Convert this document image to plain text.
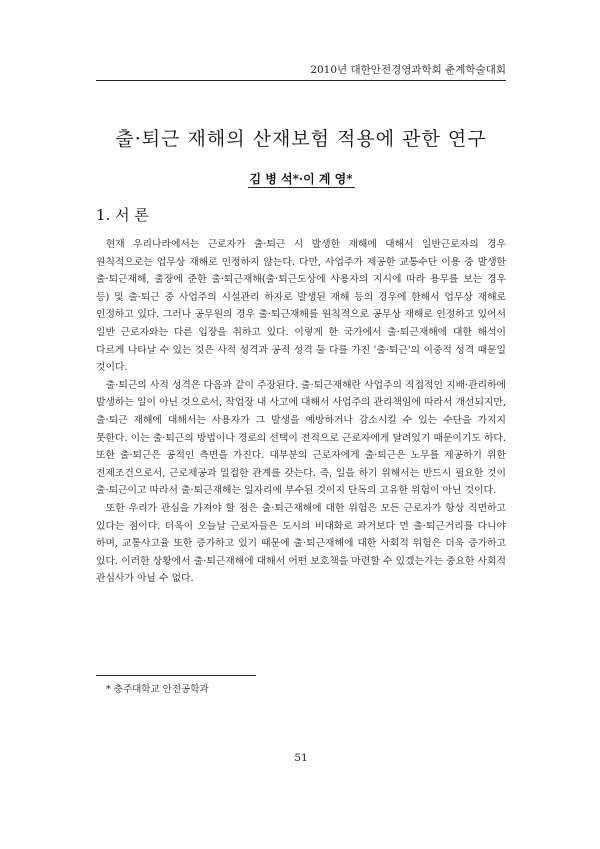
2010년 대한안전경영과학회 춘계학술대회
출·퇴근 재해의 산재보험 적용에 관한 연구
김 병 석*·이 계 영*
1. 서 론

현재 우리나라에서는 근로자가 출·퇴근 시 발생한 재해에 대해서 일반근로자의 경우 원칙적으로는 업무상 재해로 인정하지 않는다. 다만, 사업주가 제공한 교통수단 이용 중 발생한 출·퇴근재해, 출장에 준한 출·퇴근재해(출·퇴근도상에 사용자의 지시에 따라 용무를 보는 경우 등) 및 출·퇴근 중 사업주의 시설관리 하자로 발생된 재해 등의 경우에 한해서 업무상 재해로 인정하고 있다. 그러나 공무원의 경우 출·퇴근재해를 원칙적으로 공무상 재해로 인정하고 있어서 일반 근로자와는 다른 입장을 취하고 있다. 이렇게 한 국가에서 출·퇴근재해에 대한 해석이 다르게 나타날 수 있는 것은 사적 성격과 공적 성격 둘 다를 가진 '출·퇴근'의 이중적 성격 때문일 것이다.

출·퇴근의 사적 성격은 다음과 같이 주장된다. 출·퇴근재해란 사업주의 직접적인 지배·관리하에 발생하는 일이 아닌 것으로서, 작업장 내 사고에 대해서 사업주의 관리책임에 따라서 개선되지만, 출·퇴근 재해에 대해서는 사용자가 그 발생을 예방하거나 감소시킬 수 있는 수단을 가지지 못한다. 이는 출·퇴근의 방법이나 경로의 선택이 전적으로 근로자에게 달려있기 때문이기도 하다. 또한 출·퇴근은 공적인 측면을 가진다. 대부분의 근로자에게 출·퇴근은 노무를 제공하기 위한 전제조건으로서, 근로제공과 밀접한 관계를 갖는다. 즉, 일을 하기 위해서는 반드시 필요한 것이 출·퇴근이고 따라서 출·퇴근재해는 일자리에 부수된 것이지 단독의 고유한 위험이 아닌 것이다.

또한 우리가 관심을 가져야 할 점은 출·퇴근재해에 대한 위험은 모든 근로자가 항상 직면하고 있다는 점이다. 더욱이 오늘날 근로자들은 도시의 비대화로 과거보다 먼 출·퇴근거리를 다니야 하며, 교통사고율 또한 증가하고 있기 때문에 출·퇴근재해에 대한 사회적 위험은 더욱 증가하고 있다. 이러한 상황에서 출·퇴근재해에 대해서 어떤 보호책을 마련할 수 있겠는가는 중요한 사회적 관심사가 아닐 수 없다.

* 충주대학교 안전공학과
51
